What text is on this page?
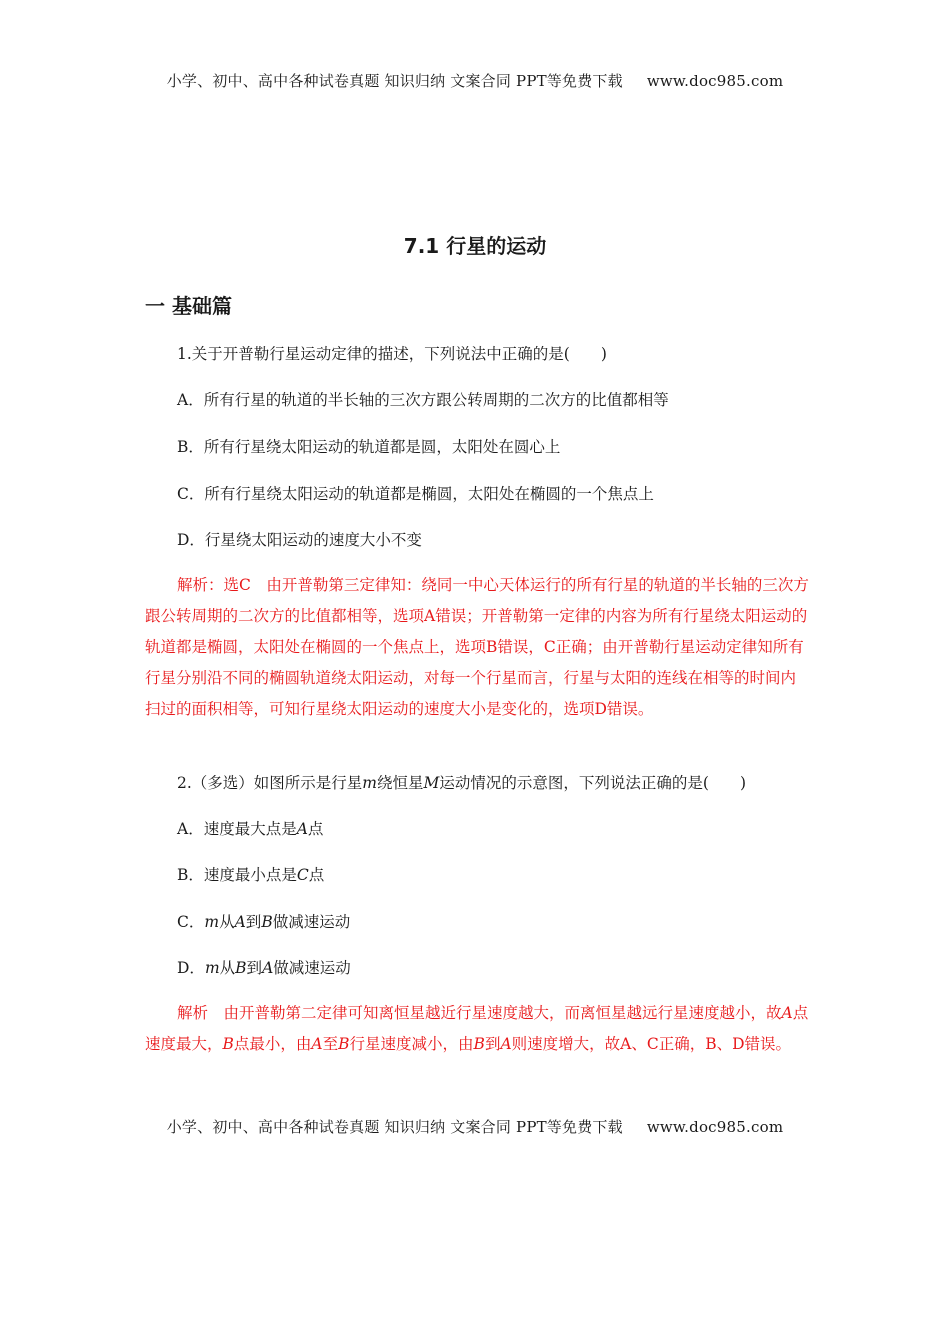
小学、初中、高中各种试卷真题 知识归纳 文案合同 PPT等免费下载 www.doc985.com
7.1 行星的运动
一 基础篇
1.关于开普勒行星运动定律的描述，下列说法中正确的是(　　)
A．所有行星的轨道的半长轴的三次方跟公转周期的二次方的比值都相等
B．所有行星绕太阳运动的轨道都是圆，太阳处在圆心上
C．所有行星绕太阳运动的轨道都是椭圆，太阳处在椭圆的一个焦点上
D．行星绕太阳运动的速度大小不变
解析：选C　由开普勒第三定律知：绕同一中心天体运行的所有行星的轨道的半长轴的三次方跟公转周期的二次方的比值都相等，选项A错误；开普勒第一定律的内容为所有行星绕太阳运动的轨道都是椭圆，太阳处在椭圆的一个焦点上，选项B错误，C正确；由开普勒行星运动定律知所有行星分别沿不同的椭圆轨道绕太阳运动，对每一个行星而言，行星与太阳的连线在相等的时间内扫过的面积相等，可知行星绕太阳运动的速度大小是变化的，选项D错误。
2.（多选）如图所示是行星m绕恒星M运动情况的示意图，下列说法正确的是(　　)
A．速度最大点是A点
B．速度最小点是C点
C．m从A到B做减速运动
D．m从B到A做减速运动
解析　由开普勒第二定律可知离恒星越近行星速度越大，而离恒星越远行星速度越小，故A点速度最大，B点最小，由A至B行星速度减小，由B到A则速度增大，故A、C正确，B、D错误。
小学、初中、高中各种试卷真题 知识归纳 文案合同 PPT等免费下载 www.doc985.com
